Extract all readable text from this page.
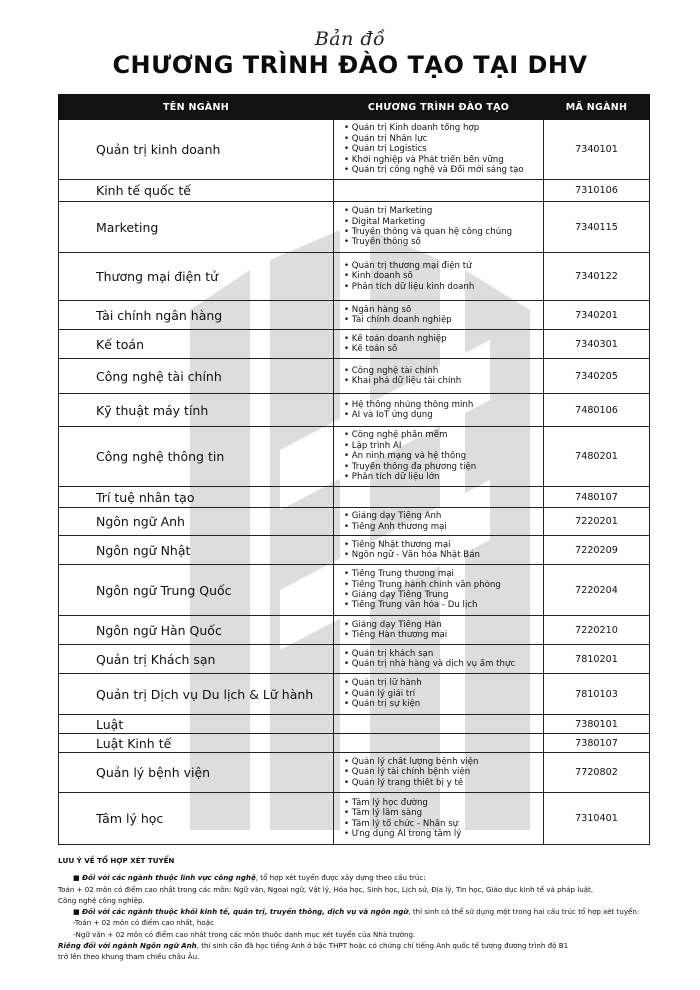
Bản đồ
CHƯƠNG TRÌNH ĐÀO TẠO TẠI DHV
TÊN NGÀNH	CHƯƠNG TRÌNH ĐÀO TẠO	MÃ NGÀNH
Quản trị kinh doanh	• Quản trị Kinh doanh tổng hợp
• Quản trị Nhân lực
• Quản trị Logistics
• Khởi nghiệp và Phát triển bền vững
• Quản trị công nghệ và Đổi mới sáng tạo	7340101
Kinh tế quốc tế		7310106
Marketing	• Quản trị Marketing
• Digital Marketing
• Truyền thông và quan hệ công chúng
• Truyền thông số	7340115
Thương mại điện tử	• Quản trị thương mại điện tử
• Kinh doanh số
• Phân tích dữ liệu kinh doanh	7340122
Tài chính ngân hàng	• Ngân hàng số
• Tài chính doanh nghiệp	7340201
Kế toán	• Kế toán doanh nghiệp
• Kế toán số	7340301
Công nghệ tài chính	• Công nghệ tài chính
• Khai phá dữ liệu tài chính	7340205
Kỹ thuật máy tính	• Hệ thống nhúng thông minh
• AI và IoT ứng dụng	7480106
Công nghệ thông tin	• Công nghệ phần mềm
• Lập trình AI
• An ninh mạng và hệ thống
• Truyền thông đa phương tiện
• Phân tích dữ liệu lớn	7480201
Trí tuệ nhân tạo		7480107
Ngôn ngữ Anh	• Giảng dạy Tiếng Anh
• Tiếng Anh thương mại	7220201
Ngôn ngữ Nhật	• Tiếng Nhật thương mại
• Ngôn ngữ - Văn hóa Nhật Bản	7220209
Ngôn ngữ Trung Quốc	• Tiếng Trung thương mại
• Tiếng Trung hành chính văn phòng
• Giảng dạy Tiếng Trung
• Tiếng Trung văn hóa - Du lịch	7220204
Ngôn ngữ Hàn Quốc	• Giảng dạy Tiếng Hàn
• Tiếng Hàn thương mại	7220210
Quản trị Khách sạn	• Quản trị khách sạn
• Quản trị nhà hàng và dịch vụ ẩm thực	7810201
Quản trị Dịch vụ Du lịch & Lữ hành	• Quản trị lữ hành
• Quản lý giải trí
• Quản trị sự kiện	7810103
Luật		7380101
Luật Kinh tế		7380107
Quản lý bệnh viện	• Quản lý chất lượng bệnh viện
• Quản lý tài chính bệnh viện
• Quản lý trang thiết bị y tế	7720802
Tâm lý học	• Tâm lý học đường
• Tâm lý lâm sàng
• Tâm lý tổ chức - Nhân sự
• Ứng dụng AI trong tâm lý	7310401

LƯU Ý VỀ TỔ HỢP XÉT TUYỂN

■ Đối với các ngành thuộc lĩnh vực công nghệ, tổ hợp xét tuyển được xây dựng theo cấu trúc:

Toán + 02 môn có điểm cao nhất trong các môn: Ngữ văn, Ngoại ngữ, Vật lý, Hóa học, Sinh học, Lịch sử, Địa lý, Tin học, Giáo dục kinh tế và pháp luật,

Công nghệ công nghiệp.

■ Đối với các ngành thuộc khối kinh tế, quản trị, truyền thông, dịch vụ và ngôn ngữ, thí sinh có thể sử dụng một trong hai cấu trúc tổ hợp xét tuyển:

-Toán + 02 môn có điểm cao nhất, hoặc

-Ngữ văn + 02 môn có điểm cao nhất trong các môn thuộc danh mục xét tuyển của Nhà trường.

Riêng đối với ngành Ngôn ngữ Anh, thí sinh cần đã học tiếng Anh ở bậc THPT hoặc có chứng chỉ tiếng Anh quốc tế tương đương trình độ B1

trở lên theo khung tham chiếu châu Âu.
